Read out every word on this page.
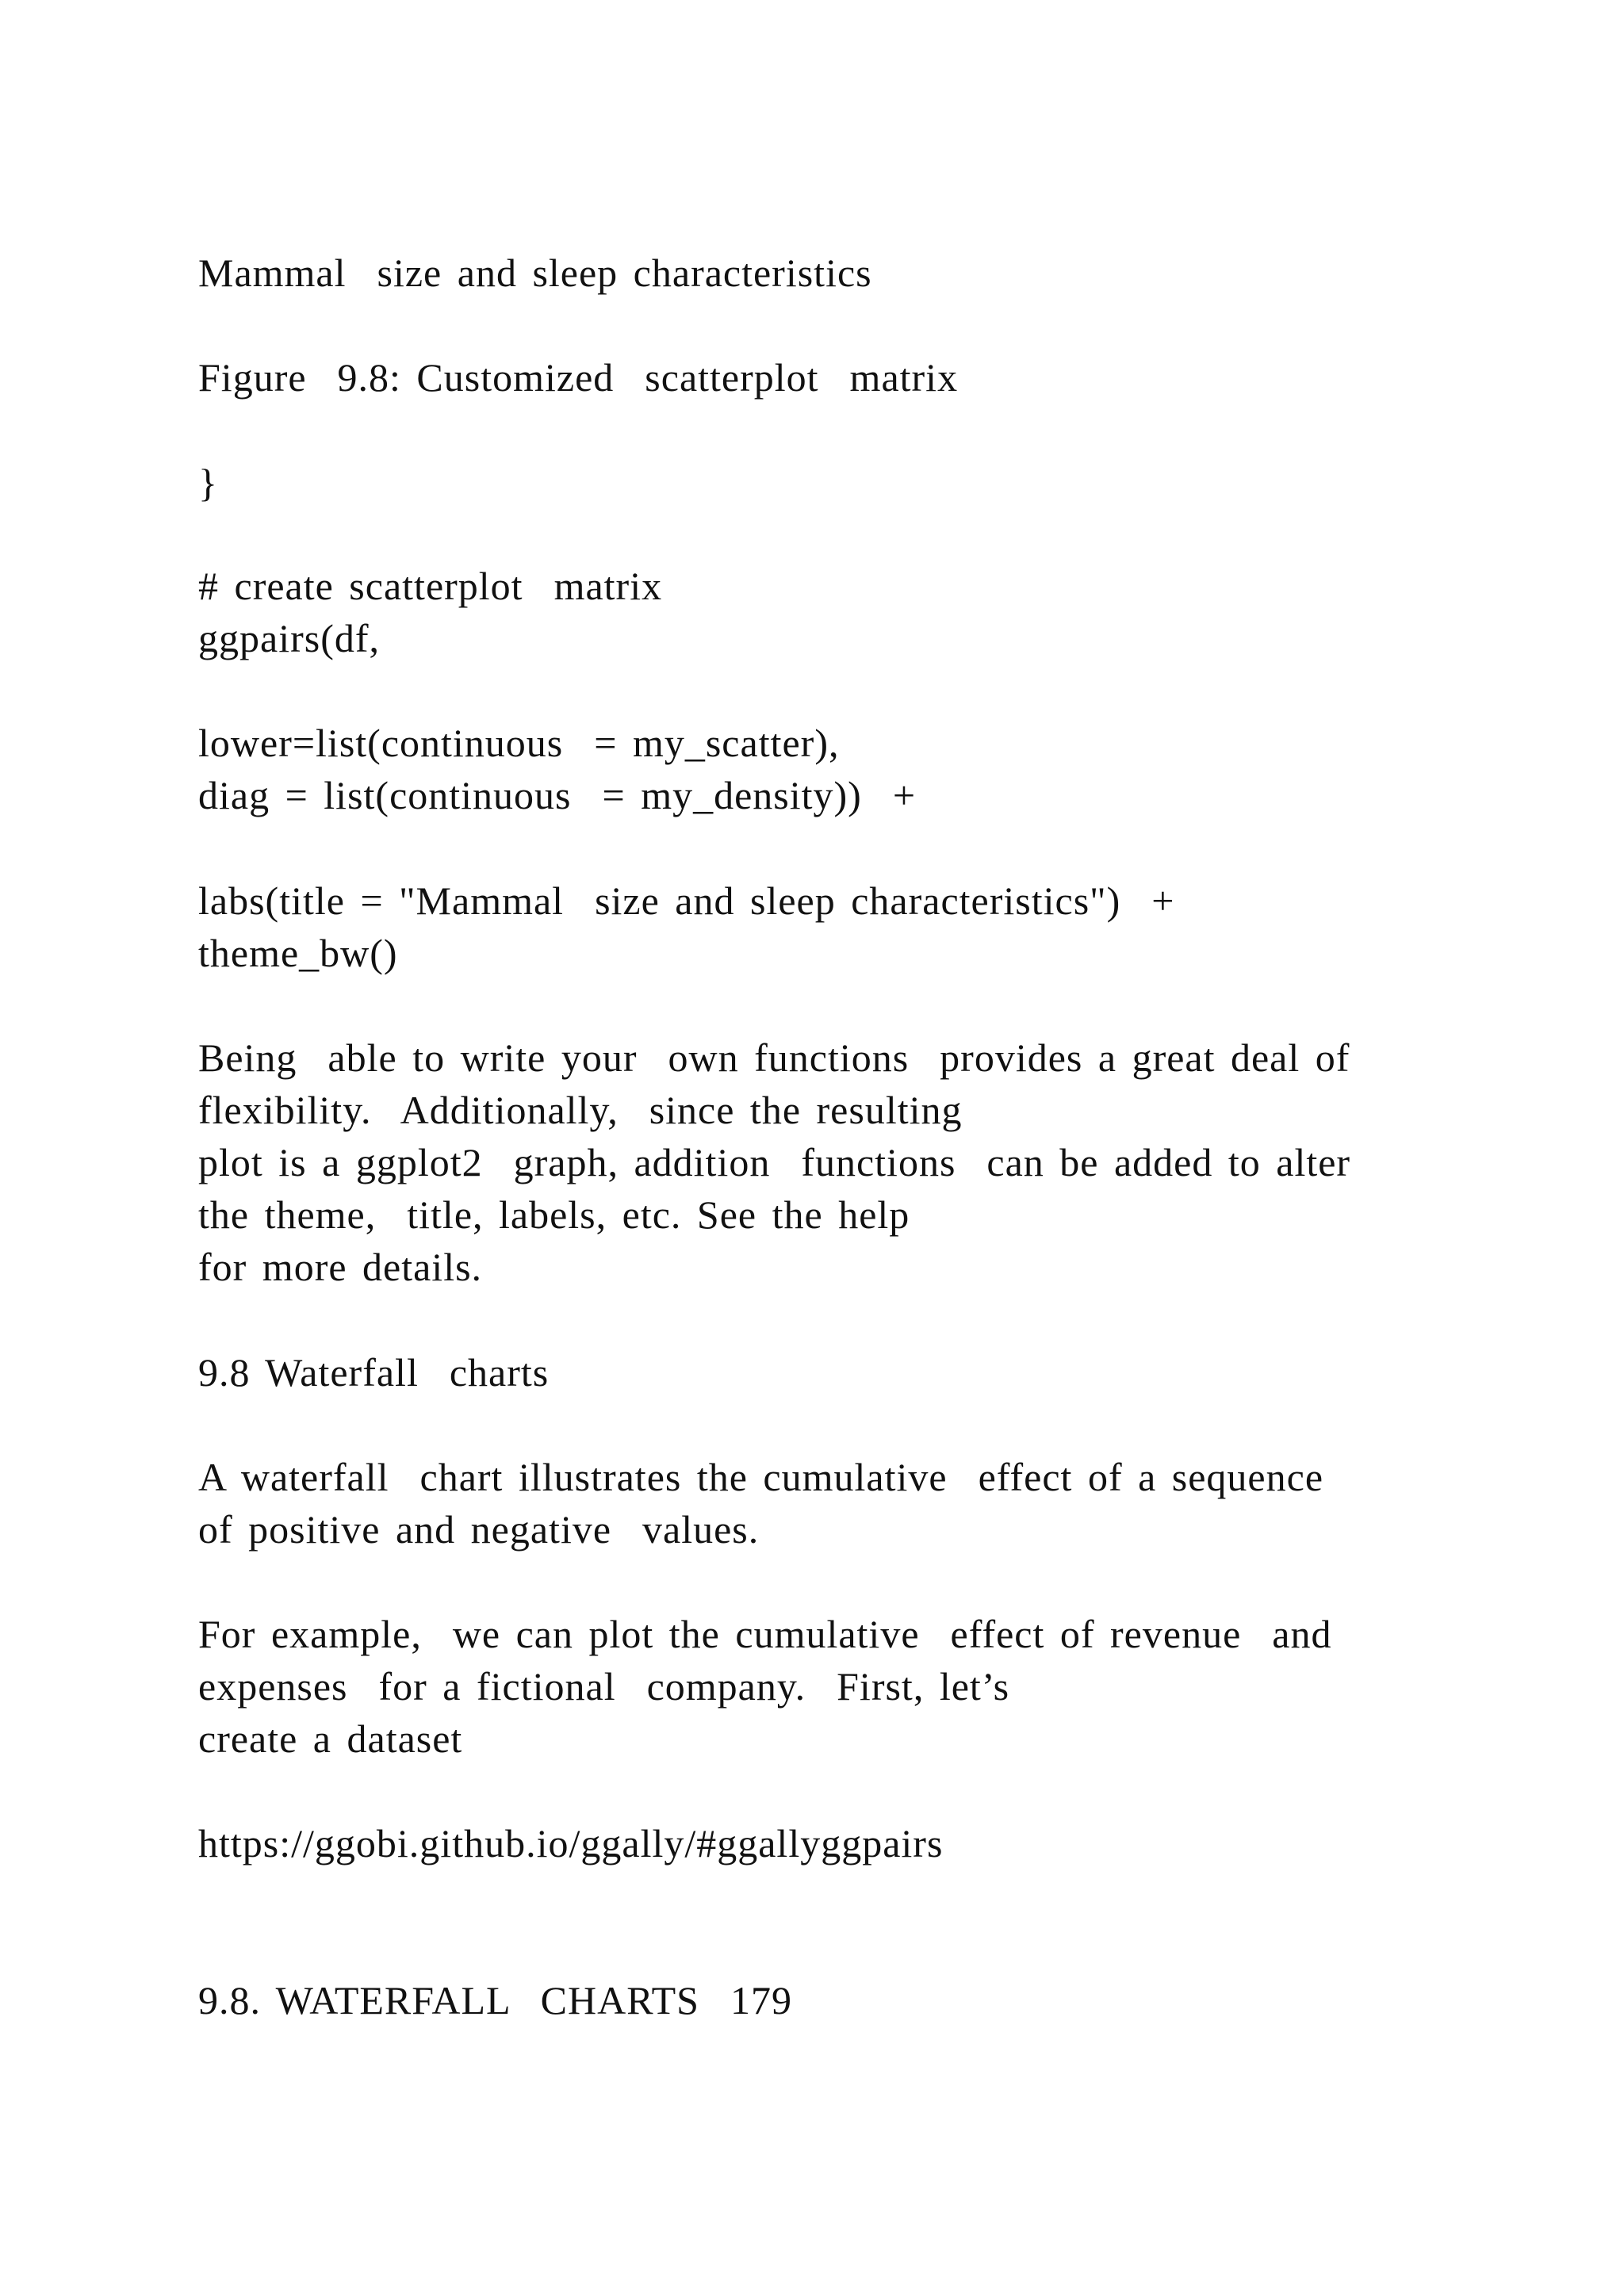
Mammal  size and sleep characteristics

Figure  9.8: Customized  scatterplot  matrix

}

# create scatterplot  matrix

ggpairs(df,

lower=list(continuous  = my_scatter),

diag = list(continuous  = my_density))  +

labs(title = "Mammal  size and sleep characteristics")  +

theme_bw()

Being  able to write your  own functions  provides a great deal of

flexibility.  Additionally,  since the resulting

plot is a ggplot2  graph, addition  functions  can be added to alter

the theme,  title, labels, etc. See the help

for more details.

9.8 Waterfall  charts

A waterfall  chart illustrates the cumulative  effect of a sequence

of positive and negative  values.

For example,  we can plot the cumulative  effect of revenue  and

expenses  for a fictional  company.  First, let’s

create a dataset

https://ggobi.github.io/ggally/#ggallyggpairs

9.8. WATERFALL  CHARTS  179
